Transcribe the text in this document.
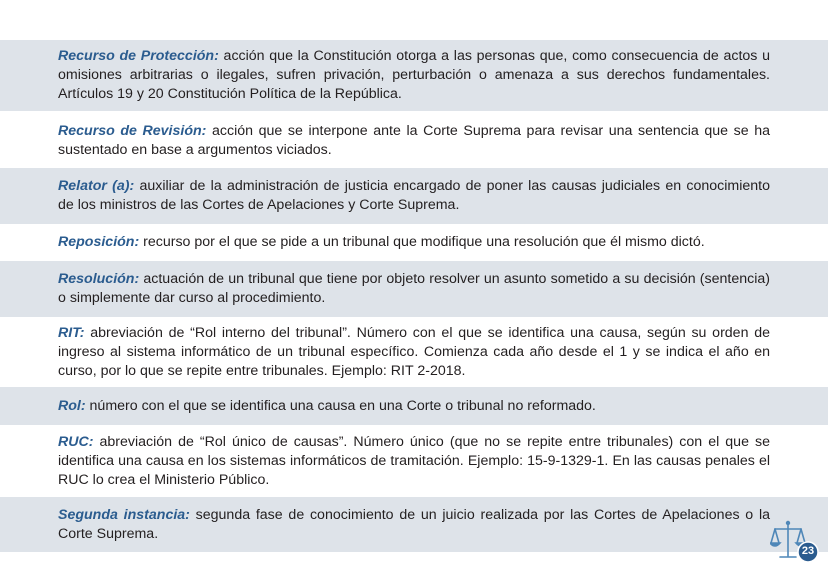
Recurso de Protección: acción que la Constitución otorga a las personas que, como consecuencia de actos u omisiones arbitrarias o ilegales, sufren privación, perturbación o amenaza a sus derechos fundamentales. Artículos 19 y 20 Constitución Política de la República.

Recurso de Revisión: acción que se interpone ante la Corte Suprema para revisar una sentencia que se ha sustentado en base a argumentos viciados.

Relator (a): auxiliar de la administración de justicia encargado de poner las causas judiciales en conocimiento de los ministros de las Cortes de Apelaciones y Corte Suprema.

Reposición: recurso por el que se pide a un tribunal que modifique una resolución que él mismo dictó.

Resolución: actuación de un tribunal que tiene por objeto resolver un asunto sometido a su decisión (sentencia) o simplemente dar curso al procedimiento.

RIT: abreviación de “Rol interno del tribunal”. Número con el que se identifica una causa, según su orden de ingreso al sistema informático de un tribunal específico. Comienza cada año desde el 1 y se indica el año en curso, por lo que se repite entre tribunales. Ejemplo: RIT 2-2018.

Rol: número con el que se identifica una causa en una Corte o tribunal no reformado.

RUC: abreviación de “Rol único de causas”. Número único (que no se repite entre tribunales) con el que se identifica una causa en los sistemas informáticos de tramitación. Ejemplo: 15-9-1329-1. En las causas penales el RUC lo crea el Ministerio Público.

Segunda instancia: segunda fase de conocimiento de un juicio realizada por las Cortes de Apelaciones o la Corte Suprema.

23
